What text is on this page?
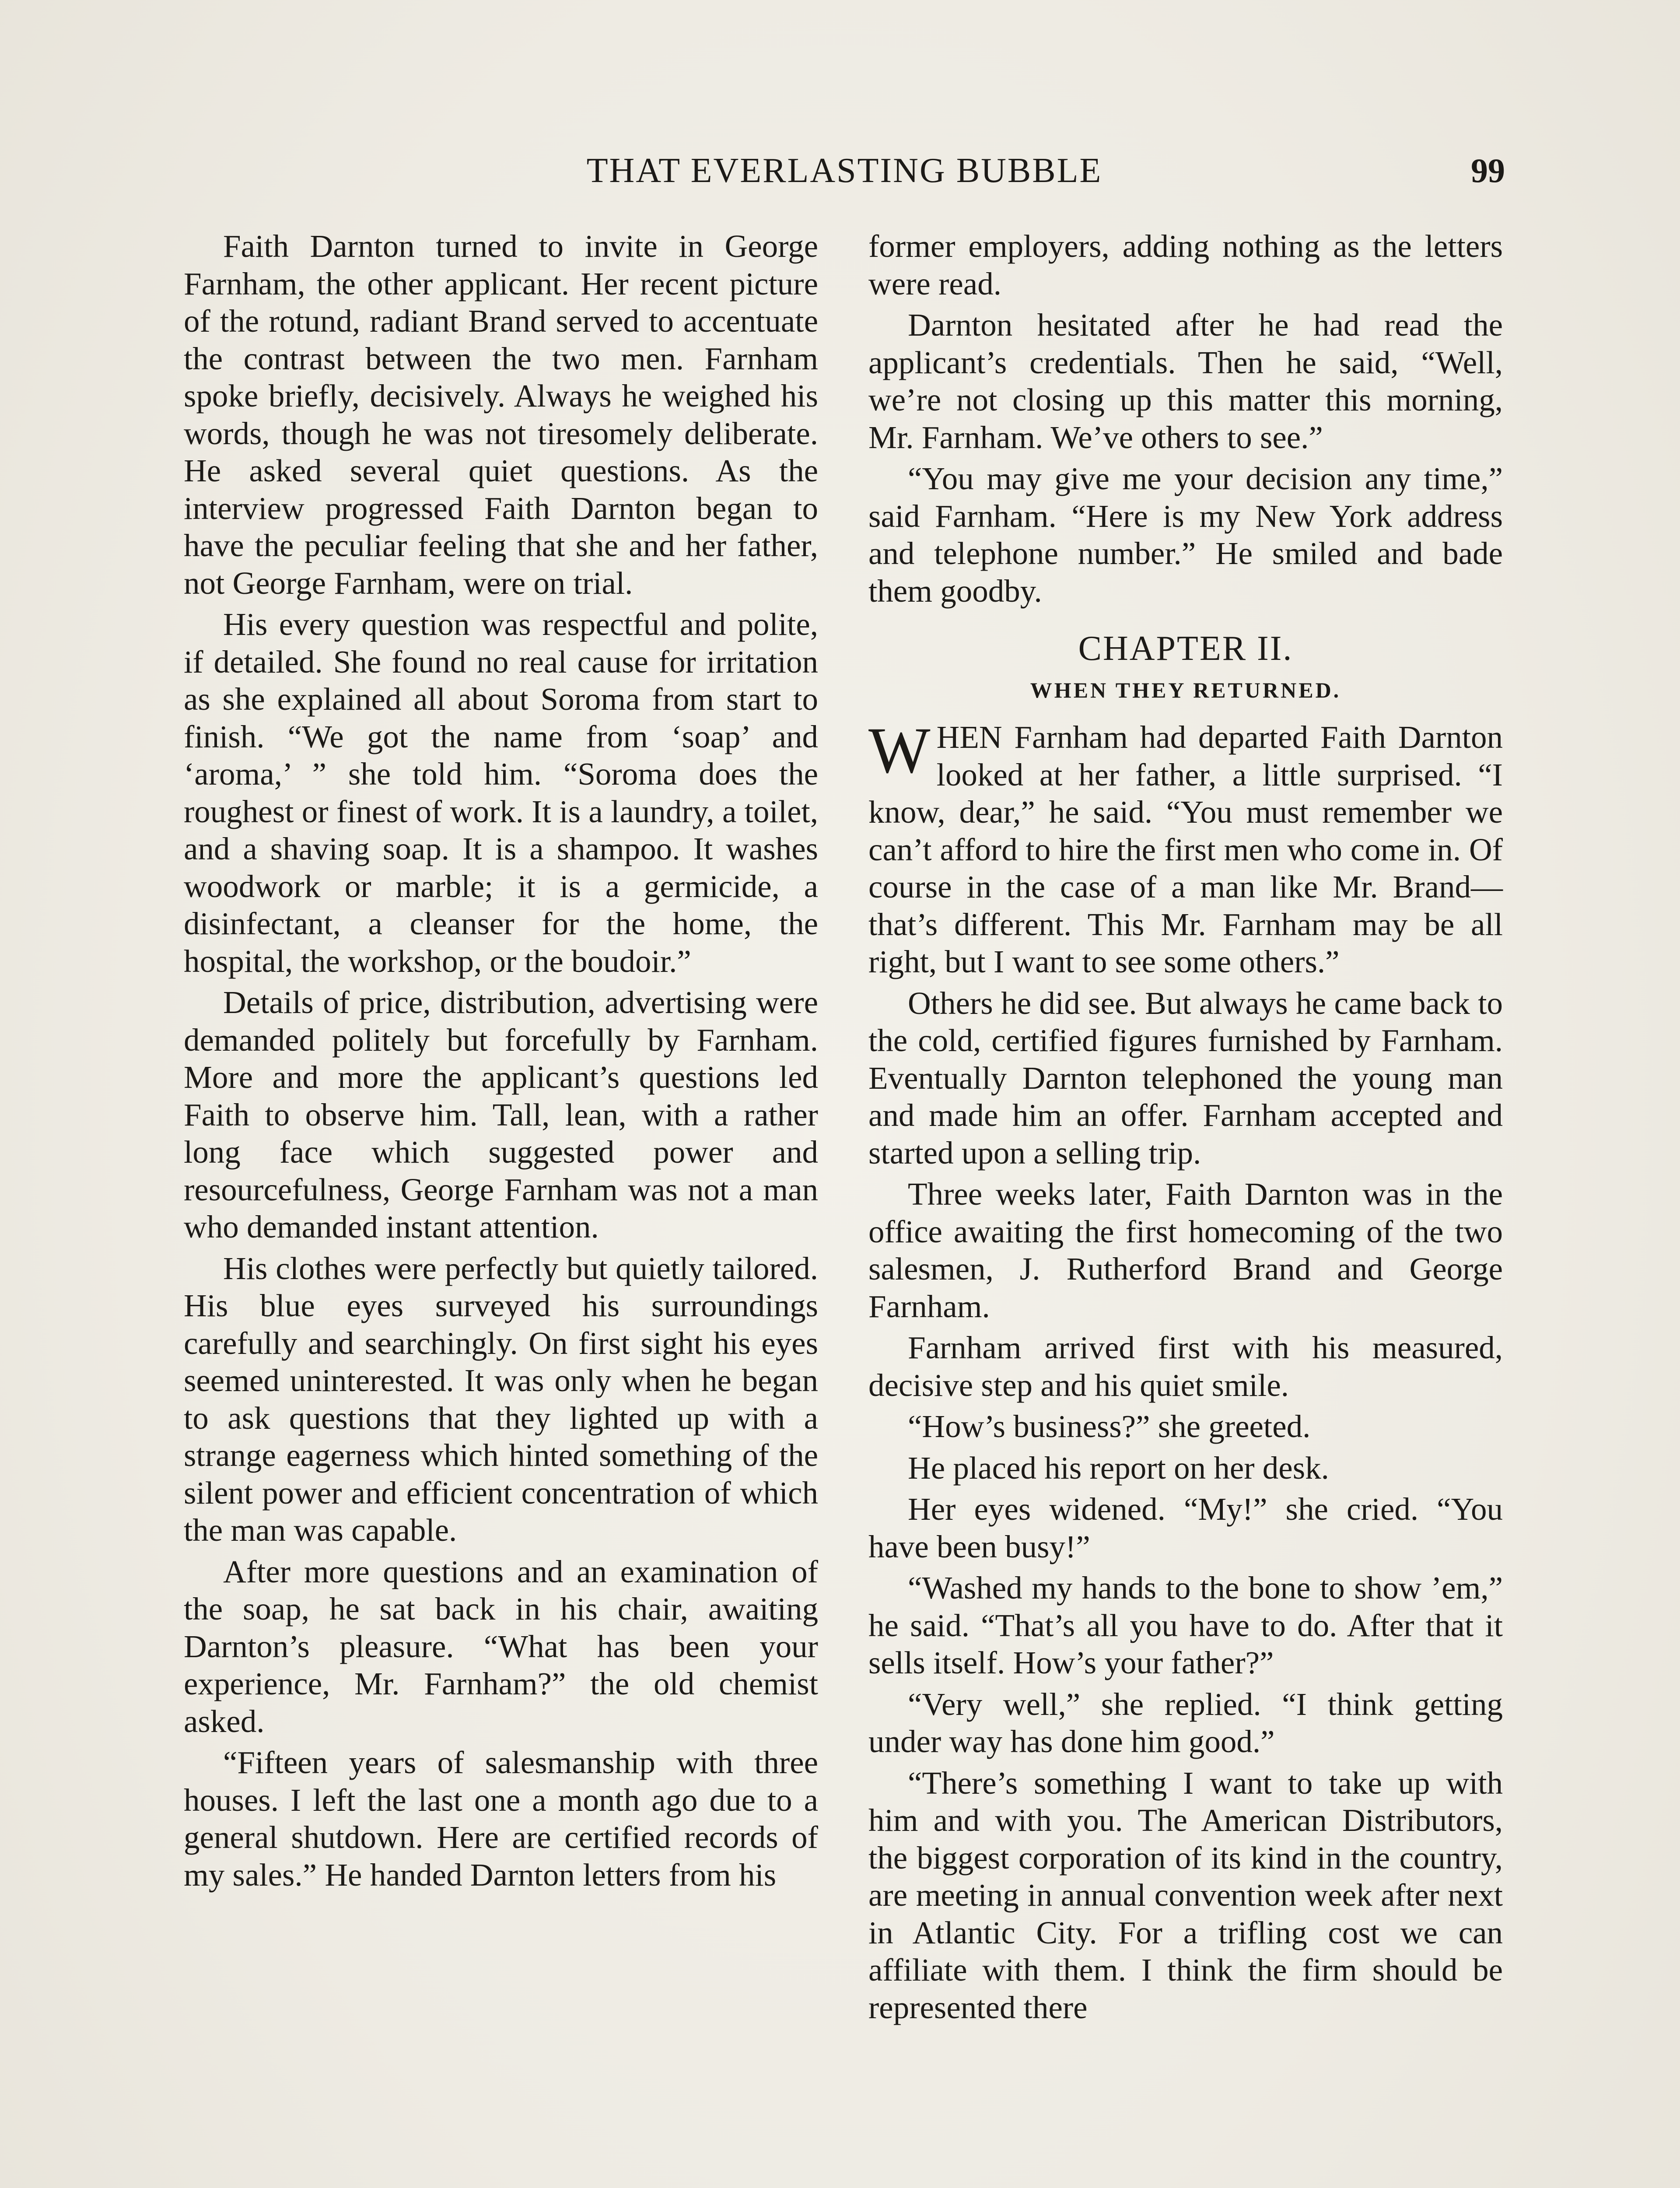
THAT EVERLASTING BUBBLE	99

Faith Darnton turned to invite in George Farnham, the other applicant. Her recent picture of the rotund, radiant Brand served to accentuate the contrast between the two men. Farnham spoke briefly, decisively. Always he weighed his words, though he was not tiresomely deliberate. He asked several quiet questions. As the interview progressed Faith Darnton began to have the peculiar feeling that she and her father, not George Farnham, were on trial.

His every question was respectful and polite, if detailed. She found no real cause for irritation as she explained all about Soroma from start to finish. “We got the name from ‘soap’ and ‘aroma,’ ” she told him. “Soroma does the roughest or finest of work. It is a laundry, a toilet, and a shaving soap. It is a shampoo. It washes woodwork or marble; it is a germicide, a disinfectant, a cleanser for the home, the hospital, the workshop, or the boudoir.”

Details of price, distribution, advertising were demanded politely but forcefully by Farnham. More and more the applicant’s questions led Faith to observe him. Tall, lean, with a rather long face which suggested power and resourcefulness, George Farnham was not a man who demanded instant attention.

His clothes were perfectly but quietly tailored. His blue eyes surveyed his surroundings carefully and searchingly. On first sight his eyes seemed uninterested. It was only when he began to ask questions that they lighted up with a strange eagerness which hinted something of the silent power and efficient concentration of which the man was capable.

After more questions and an examination of the soap, he sat back in his chair, awaiting Darnton’s pleasure. “What has been your experience, Mr. Farnham?” the old chemist asked.

“Fifteen years of salesmanship with three houses. I left the last one a month ago due to a general shutdown. Here are certified records of my sales.” He handed Darnton letters from his

former employers, adding nothing as the letters were read.

Darnton hesitated after he had read the applicant’s credentials. Then he said, “Well, we’re not closing up this matter this morning, Mr. Farnham. We’ve others to see.”

“You may give me your decision any time,” said Farnham. “Here is my New York address and telephone number.” He smiled and bade them goodby.

CHAPTER II.
WHEN THEY RETURNED.

WHEN Farnham had departed Faith Darnton looked at her father, a little surprised. “I know, dear,” he said. “You must remember we can’t afford to hire the first men who come in. Of course in the case of a man like Mr. Brand—that’s different. This Mr. Farnham may be all right, but I want to see some others.”

Others he did see. But always he came back to the cold, certified figures furnished by Farnham. Eventually Darnton telephoned the young man and made him an offer. Farnham accepted and started upon a selling trip.

Three weeks later, Faith Darnton was in the office awaiting the first homecoming of the two salesmen, J. Rutherford Brand and George Farnham.

Farnham arrived first with his measured, decisive step and his quiet smile.

“How’s business?” she greeted.

He placed his report on her desk.

Her eyes widened. “My!” she cried. “You have been busy!”

“Washed my hands to the bone to show ’em,” he said. “That’s all you have to do. After that it sells itself. How’s your father?”

“Very well,” she replied. “I think getting under way has done him good.”

“There’s something I want to take up with him and with you. The American Distributors, the biggest corporation of its kind in the country, are meeting in annual convention week after next in Atlantic City. For a trifling cost we can affiliate with them. I think the firm should be represented there
